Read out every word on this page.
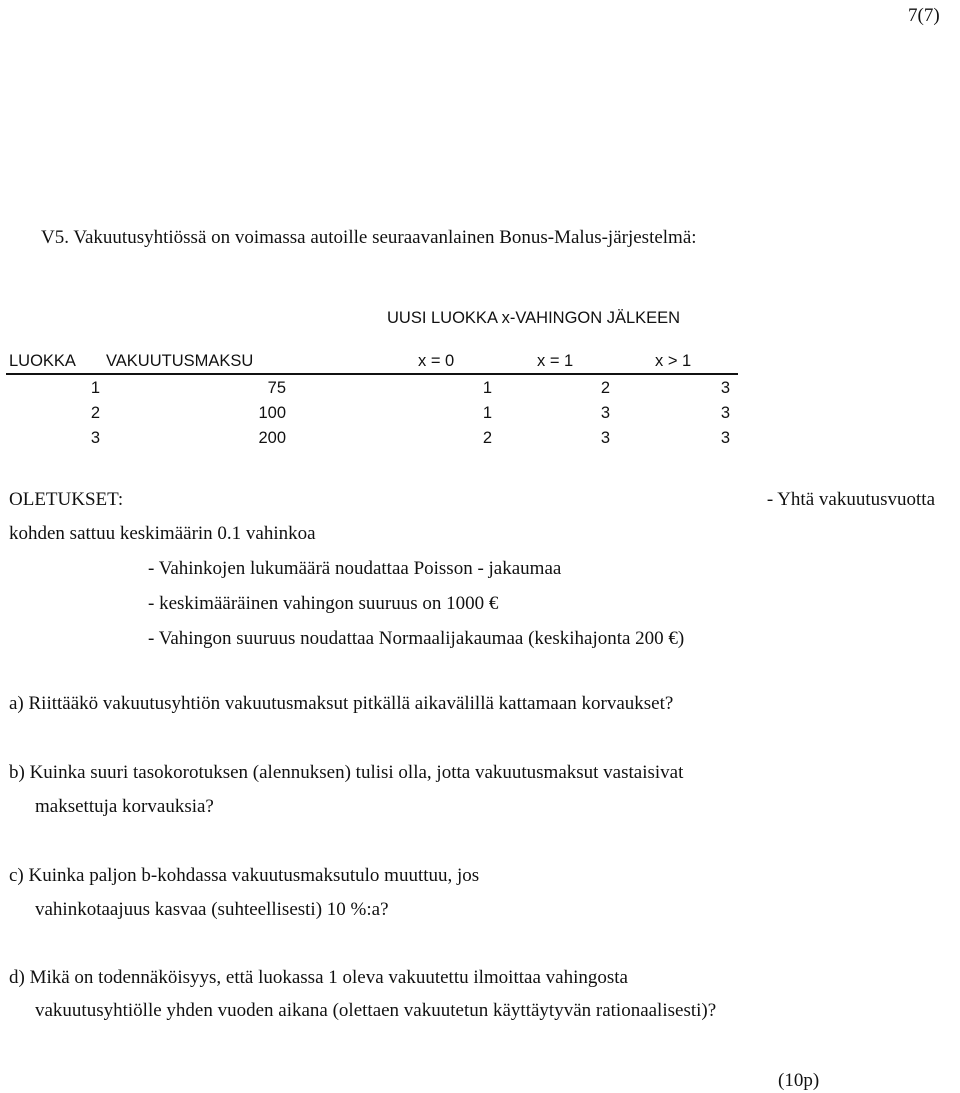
7(7)
V5. Vakuutusyhtiössä on voimassa autoille seuraavanlainen Bonus-Malus-järjestelmä:
UUSI LUOKKA x-VAHINGON JÄLKEEN
LUOKKA VAKUUTUSMAKSU	x = 0	x = 1	x > 1
1	75	1	2	3
2	100	1	3	3
3	200	2	3	3
OLETUKSET:	- Yhtä vakuutusvuotta
kohden sattuu keskimäärin 0.1 vahinkoa
- Vahinkojen lukumäärä noudattaa Poisson - jakaumaa
- keskimääräinen vahingon suuruus on 1000 €
- Vahingon suuruus noudattaa Normaalijakaumaa (keskihajonta 200 €)
a) Riittääkö vakuutusyhtiön vakuutusmaksut pitkällä aikavälillä kattamaan korvaukset?
b) Kuinka suuri tasokorotuksen (alennuksen) tulisi olla, jotta vakuutusmaksut vastaisivat
maksettuja korvauksia?
c) Kuinka paljon b-kohdassa vakuutusmaksutulo muuttuu, jos
vahinkotaajuus kasvaa (suhteellisesti) 10 %:a?
d) Mikä on todennäköisyys, että luokassa 1 oleva vakuutettu ilmoittaa vahingosta
vakuutusyhtiölle yhden vuoden aikana (olettaen vakuutetun käyttäytyvän rationaalisesti)?
(10p)
